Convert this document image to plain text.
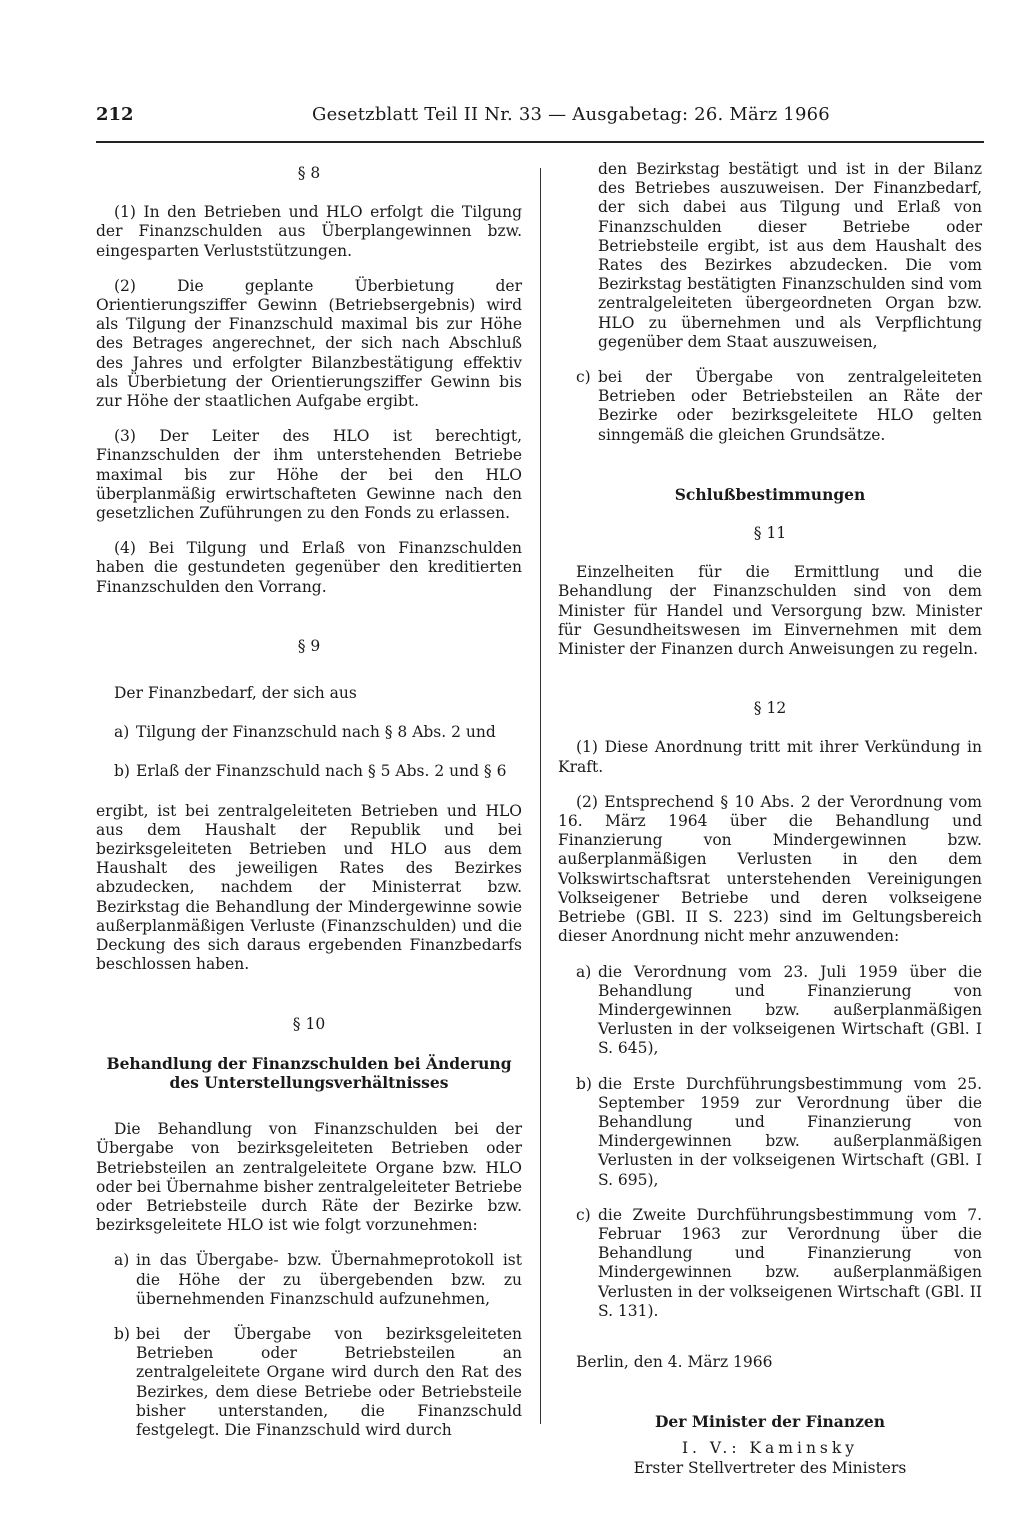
212	Gesetzblatt Teil II Nr. 33 — Ausgabetag: 26. März 1966

§ 8

(1) In den Betrieben und HLO erfolgt die Tilgung der Finanzschulden aus Überplangewinnen bzw. eingesparten Verluststützungen.

(2) Die geplante Überbietung der Orientierungsziffer Gewinn (Betriebsergebnis) wird als Tilgung der Finanzschuld maximal bis zur Höhe des Betrages angerechnet, der sich nach Abschluß des Jahres und erfolgter Bilanzbestätigung effektiv als Überbietung der Orientierungsziffer Gewinn bis zur Höhe der staatlichen Aufgabe ergibt.

(3) Der Leiter des HLO ist berechtigt, Finanzschulden der ihm unterstehenden Betriebe maximal bis zur Höhe der bei den HLO überplanmäßig erwirtschafteten Gewinne nach den gesetzlichen Zuführungen zu den Fonds zu erlassen.

(4) Bei Tilgung und Erlaß von Finanzschulden haben die gestundeten gegenüber den kreditierten Finanzschulden den Vorrang.

§ 9

Der Finanzbedarf, der sich aus

a) Tilgung der Finanzschuld nach § 8 Abs. 2 und
b) Erlaß der Finanzschuld nach § 5 Abs. 2 und § 6

ergibt, ist bei zentralgeleiteten Betrieben und HLO aus dem Haushalt der Republik und bei bezirksgeleiteten Betrieben und HLO aus dem Haushalt des jeweiligen Rates des Bezirkes abzudecken, nachdem der Ministerrat bzw. Bezirkstag die Behandlung der Mindergewinne sowie außerplanmäßigen Verluste (Finanzschulden) und die Deckung des sich daraus ergebenden Finanzbedarfs beschlossen haben.

§ 10

Behandlung der Finanzschulden bei Änderung

des Unterstellungsverhältnisses

Die Behandlung von Finanzschulden bei der Übergabe von bezirksgeleiteten Betrieben oder Betriebsteilen an zentralgeleitete Organe bzw. HLO oder bei Übernahme bisher zentralgeleiteter Betriebe oder Betriebsteile durch Räte der Bezirke bzw. bezirksgeleitete HLO ist wie folgt vorzunehmen:

a) in das Übergabe- bzw. Übernahmeprotokoll ist die Höhe der zu übergebenden bzw. zu übernehmenden Finanzschuld aufzunehmen,
b) bei der Übergabe von bezirksgeleiteten Betrieben oder Betriebsteilen an zentralgeleitete Organe wird durch den Rat des Bezirkes, dem diese Betriebe oder Betriebsteile bisher unterstanden, die Finanzschuld festgelegt. Die Finanzschuld wird durch

den Bezirkstag bestätigt und ist in der Bilanz des Betriebes auszuweisen. Der Finanzbedarf, der sich dabei aus Tilgung und Erlaß von Finanzschulden dieser Betriebe oder Betriebsteile ergibt, ist aus dem Haushalt des Rates des Bezirkes abzudecken. Die vom Bezirkstag bestätigten Finanzschulden sind vom zentralgeleiteten übergeordneten Organ bzw. HLO zu übernehmen und als Verpflichtung gegenüber dem Staat auszuweisen,

c) bei der Übergabe von zentralgeleiteten Betrieben oder Betriebsteilen an Räte der Bezirke oder bezirksgeleitete HLO gelten sinngemäß die gleichen Grundsätze.

Schlußbestimmungen

§ 11

Einzelheiten für die Ermittlung und die Behandlung der Finanzschulden sind von dem Minister für Handel und Versorgung bzw. Minister für Gesundheitswesen im Einvernehmen mit dem Minister der Finanzen durch Anweisungen zu regeln.

§ 12

(1) Diese Anordnung tritt mit ihrer Verkündung in Kraft.

(2) Entsprechend § 10 Abs. 2 der Verordnung vom 16. März 1964 über die Behandlung und Finanzierung von Mindergewinnen bzw. außerplanmäßigen Verlusten in den dem Volkswirtschaftsrat unterstehenden Vereinigungen Volkseigener Betriebe und deren volkseigene Betriebe (GBl. II S. 223) sind im Geltungsbereich dieser Anordnung nicht mehr anzuwenden:

a) die Verordnung vom 23. Juli 1959 über die Behandlung und Finanzierung von Mindergewinnen bzw. außerplanmäßigen Verlusten in der volkseigenen Wirtschaft (GBl. I S. 645),
b) die Erste Durchführungsbestimmung vom 25. September 1959 zur Verordnung über die Behandlung und Finanzierung von Mindergewinnen bzw. außerplanmäßigen Verlusten in der volkseigenen Wirtschaft (GBl. I S. 695),
c) die Zweite Durchführungsbestimmung vom 7. Februar 1963 zur Verordnung über die Behandlung und Finanzierung von Mindergewinnen bzw. außerplanmäßigen Verlusten in der volkseigenen Wirtschaft (GBl. II S. 131).

Berlin, den 4. März 1966

Der Minister der Finanzen

I. V.: Kaminsky

Erster Stellvertreter des Ministers
